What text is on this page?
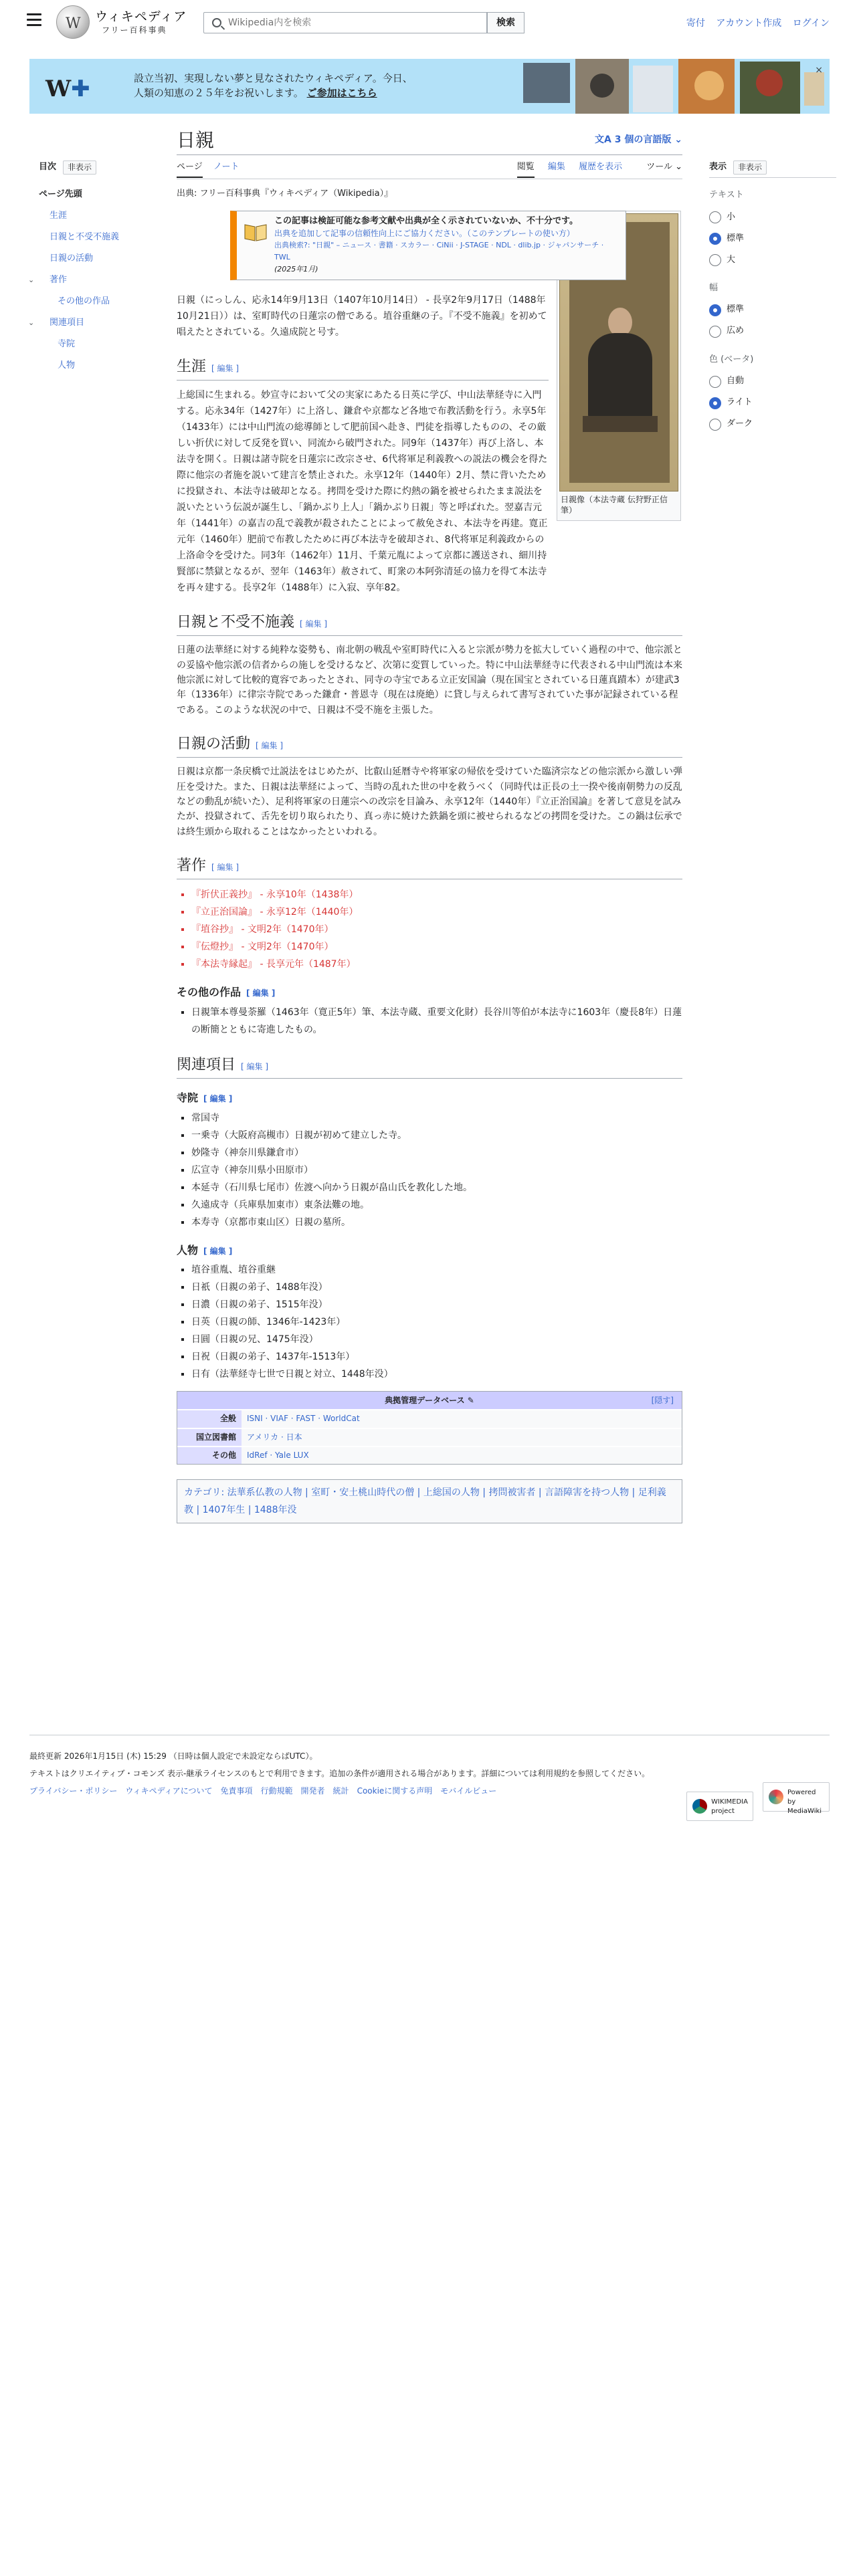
W
ウィキペディア
フリー百科事典
Wikipedia内を検索
検索	寄付 アカウント作成 ログイン
W✚	設立当初、実現しない夢と見なされたウィキペディア。今日、
人類の知恵の２５年をお祝いします。 ご参加はこちら
×
目次	非表示
ページ先頭
生涯
日親と不受不施義
日親の活動
⌄ 著作
その他の作品
⌄ 関連項目
寺院
人物
表示	非表示
テキスト
小
標準
大
幅
標準
広め
色 (ベータ)
自動
ライト
ダーク
日親	文A 3 個の言語版 ⌄
ページ ノート	閲覧 編集 履歴を表示	ツール ⌄
出典: フリー百科事典『ウィキペディア（Wikipedia）』
日親像（本法寺蔵 伝狩野正信筆）
この記事は検証可能な参考文献や出典が全く示されていないか、不十分です。
出典を追加して記事の信頼性向上にご協力ください。（このテンプレートの使い方）
出典検索?: "日親" – ニュース · 書籍 · スカラー · CiNii · J-STAGE · NDL · dlib.jp · ジャパンサーチ · TWL
(2025年1月)

日親（にっしん、応永14年9月13日（1407年10月14日） - 長享2年9月17日（1488年10月21日））は、室町時代の日蓮宗の僧である。埴谷重継の子。『不受不施義』を初めて唱えたとされている。久遠成院と号す。

生涯 [ 編集 ]

上総国に生まれる。妙宣寺において父の実家にあたる日英に学び、中山法華経寺に入門する。応永34年（1427年）に上洛し、鎌倉や京都など各地で布教活動を行う。永享5年（1433年）には中山門流の総導師として肥前国へ赴き、門徒を指導したものの、その厳しい折伏に対して反発を買い、同流から破門された。同9年（1437年）再び上洛し、本法寺を開く。日親は諸寺院を日蓮宗に改宗させ、6代将軍足利義教への説法の機会を得た際に他宗の者施を説いて建言を禁止された。永享12年（1440年）2月、禁に背いたために投獄され、本法寺は破却となる。拷問を受けた際に灼熱の鍋を被せられたまま説法を説いたという伝説が誕生し、「鍋かぶり上人」「鍋かぶり日親」等と呼ばれた。翌嘉吉元年（1441年）の嘉吉の乱で義教が殺されたことによって赦免され、本法寺を再建。寛正元年（1460年）肥前で布教したために再び本法寺を破却され、8代将軍足利義政からの上洛命令を受けた。同3年（1462年）11月、千葉元胤によって京都に護送され、細川持賢部に禁獄となるが、翌年（1463年）赦されて、町衆の本阿弥清延の協力を得て本法寺を再々建する。長享2年（1488年）に入寂、享年82。

日親と不受不施義 [ 編集 ]

日蓮の法華経に対する純粋な姿勢も、南北朝の戦乱や室町時代に入ると宗派が勢力を拡大していく過程の中で、他宗派との妥協や他宗派の信者からの施しを受けるなど、次第に変質していった。特に中山法華経寺に代表される中山門流は本来他宗派に対して比較的寛容であったとされ、同寺の寺宝である立正安国論（現在国宝とされている日蓮真蹟本）が建武3年（1336年）に律宗寺院であった鎌倉・普恩寺（現在は廃絶）に貸し与えられて書写されていた事が記録されている程である。このような状況の中で、日親は不受不施を主張した。

日親の活動 [ 編集 ]

日親は京都一条戻橋で辻説法をはじめたが、比叡山延暦寺や将軍家の帰依を受けていた臨済宗などの他宗派から激しい弾圧を受けた。また、日親は法華経によって、当時の乱れた世の中を救うべく（同時代は正長の土一揆や後南朝勢力の反乱などの動乱が続いた）、足利将軍家の日蓮宗への改宗を目論み、永享12年（1440年）『立正治国論』を著して意見を試みたが、投獄されて、舌先を切り取られたり、真っ赤に焼けた鉄鍋を頭に被せられるなどの拷問を受けた。この鍋は伝承では終生頭から取れることはなかったといわれる。

著作 [ 編集 ]
▪ 『折伏正義抄』 - 永享10年（1438年）
▪ 『立正治国論』 - 永享12年（1440年）
▪ 『埴谷抄』 - 文明2年（1470年）
▪ 『伝燈抄』 - 文明2年（1470年）
▪ 『本法寺縁起』 - 長享元年（1487年）
その他の作品 [ 編集 ]
▪ 日親筆本尊曼荼羅（1463年（寛正5年）筆、本法寺蔵、重要文化財）長谷川等伯が本法寺に1603年（慶長8年）日蓮の断簡とともに寄進したもの。
関連項目 [ 編集 ]
寺院 [ 編集 ]
▪ 常国寺
▪ 一乗寺（大阪府高槻市）日親が初めて建立した寺。
▪ 妙隆寺（神奈川県鎌倉市）
▪ 広宣寺（神奈川県小田原市）
▪ 本延寺（石川県七尾市）佐渡へ向かう日親が畠山氏を教化した地。
▪ 久遠成寺（兵庫県加東市）東条法難の地。
▪ 本寿寺（京都市東山区）日親の墓所。
人物 [ 編集 ]
▪ 埴谷重胤、埴谷重継
▪ 日祇（日親の弟子、1488年没）
▪ 日濃（日親の弟子、1515年没）
▪ 日英（日親の師、1346年-1423年）
▪ 日圓（日親の兄、1475年没）
▪ 日祝（日親の弟子、1437年-1513年）
▪ 日有（法華経寺七世で日親と対立、1448年没）
典拠管理データベース ✎	[隠す]
全般	ISNI · VIAF · FAST · WorldCat
国立図書館	アメリカ · 日本
その他	IdRef · Yale LUX
カテゴリ: 法華系仏教の人物 | 室町・安土桃山時代の僧 | 上総国の人物 | 拷問被害者 | 言語障害を持つ人物 | 足利義教 | 1407年生 | 1488年没
最終更新 2026年1月15日 (木) 15:29 （日時は個人設定で未設定ならばUTC）。
テキストはクリエイティブ・コモンズ 表示-継承ライセンスのもとで利用できます。追加の条件が適用される場合があります。詳細については利用規約を参照してください。
プライバシー・ポリシー ウィキペディアについて 免責事項 行動規範 開発者 統計 Cookieに関する声明 モバイルビュー
WIKIMEDIA project Powered by MediaWiki
